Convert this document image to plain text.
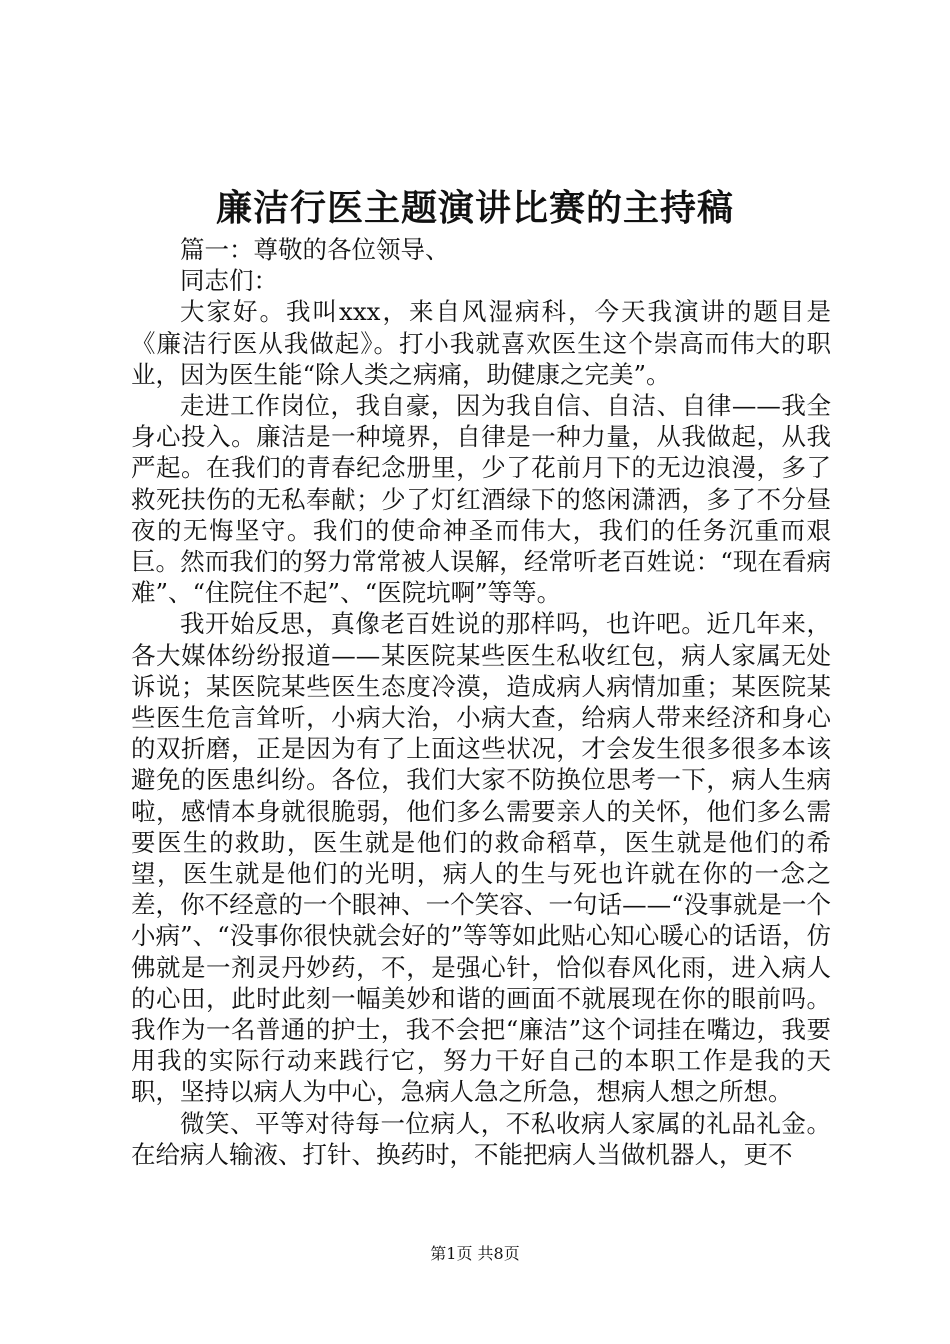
廉洁行医主题演讲比赛的主持稿

篇一：尊敬的各位领导、

同志们：

大家好。我叫xxx，来自风湿病科，今天我演讲的题目是《廉洁行医从我做起》。打小我就喜欢医生这个崇高而伟大的职业，因为医生能“除人类之病痛，助健康之完美”。

走进工作岗位，我自豪，因为我自信、自洁、自律——我全身心投入。廉洁是一种境界，自律是一种力量，从我做起，从我严起。在我们的青春纪念册里，少了花前月下的无边浪漫，多了救死扶伤的无私奉献；少了灯红酒绿下的悠闲潇洒，多了不分昼夜的无悔坚守。我们的使命神圣而伟大，我们的任务沉重而艰巨。然而我们的努力常常被人误解，经常听老百姓说：“现在看病难”、“住院住不起”、“医院坑啊”等等。

我开始反思，真像老百姓说的那样吗，也许吧。近几年来，各大媒体纷纷报道——某医院某些医生私收红包，病人家属无处诉说；某医院某些医生态度冷漠，造成病人病情加重；某医院某些医生危言耸听，小病大治，小病大查，给病人带来经济和身心的双折磨，正是因为有了上面这些状况，才会发生很多很多本该避免的医患纠纷。各位，我们大家不防换位思考一下，病人生病啦，感情本身就很脆弱，他们多么需要亲人的关怀，他们多么需要医生的救助，医生就是他们的救命稻草，医生就是他们的希望，医生就是他们的光明，病人的生与死也许就在你的一念之差，你不经意的一个眼神、一个笑容、一句话——“没事就是一个小病”、“没事你很快就会好的”等等如此贴心知心暖心的话语，仿佛就是一剂灵丹妙药，不，是强心针，恰似春风化雨，进入病人的心田，此时此刻一幅美妙和谐的画面不就展现在你的眼前吗。我作为一名普通的护士，我不会把“廉洁”这个词挂在嘴边，我要用我的实际行动来践行它，努力干好自己的本职工作是我的天职，坚持以病人为中心，急病人急之所急，想病人想之所想。

微笑、平等对待每一位病人，不私收病人家属的礼品礼金。在给病人输液、打针、换药时，不能把病人当做机器人，更不

第1页 共8页
